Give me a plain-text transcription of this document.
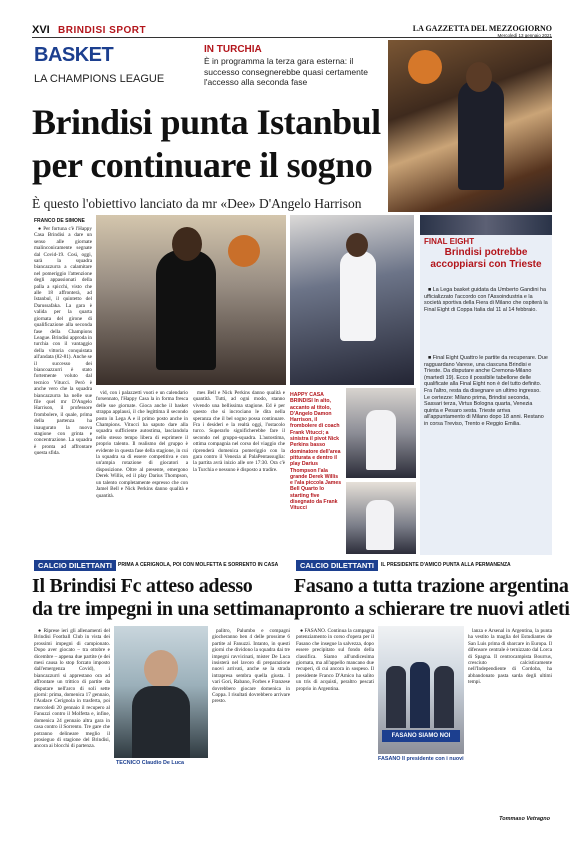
XVI BRINDISI SPORT	LA GAZZETTA DEL MEZZOGIORNO
Mercoledì 13 gennaio 2021
BASKET
LA CHAMPIONS LEAGUE
IN TURCHIA
È in programma la terza gara esterna: il successo consegnerebbe quasi certamente l'accesso alla seconda fase
Brindisi punta Istanbul
per continuare il sogno
È questo l'obiettivo lanciato da mr «Dee» D'Angelo Harrison
FRANCO DE SIMONE

● Per fortuna c'è l'Happy Casa Brindisi a dare un senso alle giornate malinconicamente segnate dal Covid-19. Così, oggi, sarà la squadra biancazzurra a calamitare nel pomeriggio l'attenzione degli appassionati della palla a spicchi, visto che alle 18 affronterà, ad Istanbul, il quintetto del Darussafaka. La gara è valida per la quarta giornata del girone di qualificazione alla seconda fase della Champions League. Brindisi approda in turchia con il vantaggio della vittoria conquistata all'andata (82-81). Anche se il successo dei biancoazzurri è stato fortemente voluto dal tecnico Vitucci. Però è anche vero che la squadra biancazzurra ha nelle sue file quel mr D'Angelo Harrison, il professore frombolere, il quale, prima della partenza ha inaugurato la nuova stagione con grinta e concentrazione. La squadra è pronta ad affrontare questa sfida.

vid, con i palazzetti vuoti e un calendario forsennato, l'Happy Casa la in forma fresca delle sue giornate. Gioca anche il basket strappa applausi, il che legittima il secondo posto in Lega A e il primo posto anche in Champions. Vitucci ha saputo dare alla squadra sufficiente autostima, lasciandola nello stesso tempo libera di esprimere il proprio talento. Il realismo del gruppo è evidente in questa fase della stagione, in cui la squadra sa di essere competitiva e con un'ampia rotazione di giocatori a disposizione. Oltre al presente, emergono Derek Willis, ed il play Darius Thompson, un talento completamente espresso che con Jamel Bell e Nick Perkins danno qualità e quantità.

mes Bell e Nick Perkins danno qualità e quantità. Tutti, ad ogni modo, stanno vivendo una bellissima stagione. Ed è per questo che si incrociano le dita nella speranza che il bel sogno possa continuare. Fra i desideri e la realtà oggi, l'ostacolo turco. Superarlo significherebbe fare il secondo nel gruppo-squadra. L'autostima, ottima compagnia nel corso del viaggio che riprenderà domenica pomeriggio con la gara contro il Venezia al PalaPentassuglia: la partita avrà inizio alle ore 17:30. Ora c'è la Turchia e nessuno è disposto a tradire.

HAPPY CASA BRINDISI In alto, accanto al titolo, D'Angelo Damon Harrison, il frombolere di coach Frank Vitucci; a sinistra il pivot Nick Perkins basso dominatore dell'area pitturata e dentro il play Darius Thompson l'ala grande Derek Willis e l'ala piccola James Bell Quarto lo starting five disegnato da Frank Vitucci
FINAL EIGHT
Brindisi potrebbe accoppiarsi con Trieste

■ La Lega basket guidata da Umberto Gandini ha ufficializzato l'accordo con l'Assoindustria e la società sportiva della Fiera di Milano che ospiterà la Final Eight di Coppa Italia dal 11 al 14 febbraio.

■ Final Eight Quattro le partite da recuperare. Due ragguardano Varese, una ciascuna Brindisi e Trieste. Da disputare anche Cremona-Milano (martedì 19). Ecco il possibile tabellone delle qualificate alla Final Eight non è del tutto definito. Fra l'altro, resta da disegnare un ultimo ingresso. Le certezze: Milano prima, Brindisi seconda, Sassari terza, Virtus Bologna quarta, Venezia quinta e Pesaro sesta. Trieste arriva all'appuntamento di Milano dopo 18 anni. Restano in corsa Treviso, Trento e Reggio Emilia.

CALCIO DILETTANTI	PRIMA A CERIGNOLA, POI CON MOLFETTA E SORRENTO IN CASA
Il Brindisi Fc atteso adesso
da tre impegni in una settimana

● Riprese ieri gli allenamenti del Brindisi Football Club in vista dei prossimi impegni di campionato. Dopo aver giocato – tra ottobre e dicembre – appena due partite (e dei mesi causa lo stop forzato imposto dall'emergenza Covid), i biancazzurri si apprestano ora ad affrontare un trittico di partite da disputare nell'arco di soli sette giorni: prima, domenica 17 gennaio, l'Audace Cerignola in trasferta, poi mercoledì 20 gennaio il recupero al Fanuzzi contro il Molfetta e, infine, domenica 24 gennaio altra gara in casa contro il Sorrento. Tre gare che potranno delineare meglio il prosieguo di stagione del Brindisi, ancora ai blocchi di partenza.

TECNICO Claudio De Luca

palitro, Palumbo e compagni giocheranno ben 4 delle prossime 6 partite al Fanuzzi. Intanto, in questi giorni che dividono la squadra dai tre impegni ravvicinati, mister De Luca insisterà nel lavoro di preparazione nuovi arrivati, anche se la strada intrapresa sembra quella giusta. I vari Gori, Rabano, Forbes e Franzese dovrebbero giocare domenica in Coppa. I risultati dovrebbero arrivare presto.

CALCIO DILETTANTI	IL PRESIDENTE D'AMICO PUNTA ALLA PERMANENZA
Fasano a tutta trazione argentina
pronto a schierare tre nuovi atleti

● FASANO. Continua la campagna potenziamento in corso d'opera per il Fasano che insegue la salvezza, dopo essere precipitato sul fondo della classifica. Siamo all'undicesima giornata, ma all'appello mancano due recuperi, di cui ancora in sospeso. Il presidente Franco D'Amico ha salito un tris di acquisti, peraltro pescati proprio in Argentina.

FASANO SIAMO NOI
FASANO Il presidente con i nuovi

lanza e Arsenal in Argentina, la punta ha vestito la maglia del Estudiantes de San Luis prima di sbarcare in Europa. Il difensore centrale è ternizzato dal Lorca di Spagna. Il centrocampista Bourrus, cresciuto calcisticamente nell'Independiente di Cordoba, ha abbandonato pasta sarda degli ultimi tempi.

Tommaso Vetragno
